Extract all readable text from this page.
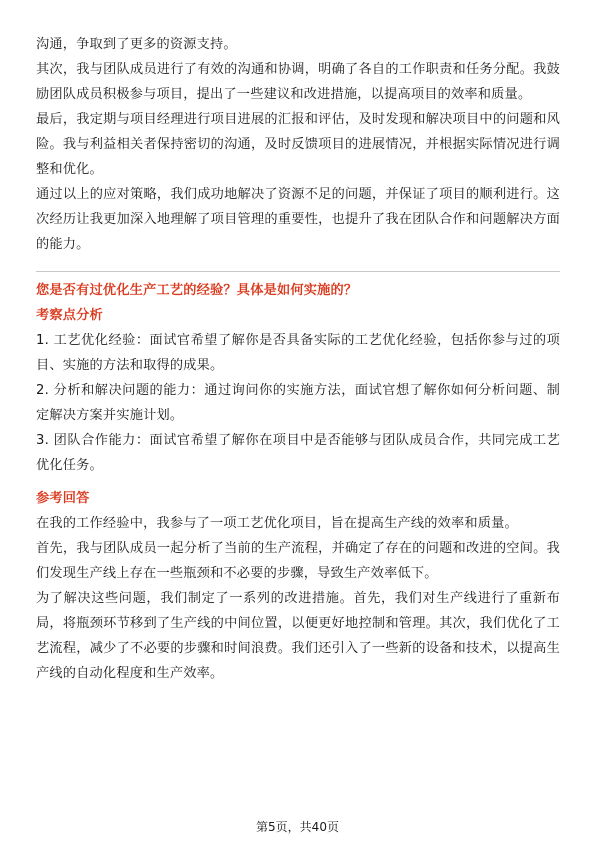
沟通，争取到了更多的资源支持。

其次，我与团队成员进行了有效的沟通和协调，明确了各自的工作职责和任务分配。我鼓励团队成员积极参与项目，提出了一些建议和改进措施，以提高项目的效率和质量。

最后，我定期与项目经理进行项目进展的汇报和评估，及时发现和解决项目中的问题和风险。我与利益相关者保持密切的沟通，及时反馈项目的进展情况，并根据实际情况进行调整和优化。

通过以上的应对策略，我们成功地解决了资源不足的问题，并保证了项目的顺利进行。这次经历让我更加深入地理解了项目管理的重要性，也提升了我在团队合作和问题解决方面的能力。

您是否有过优化生产工艺的经验？具体是如何实施的？

考察点分析

1. 工艺优化经验：面试官希望了解你是否具备实际的工艺优化经验，包括你参与过的项目、实施的方法和取得的成果。

2. 分析和解决问题的能力：通过询问你的实施方法，面试官想了解你如何分析问题、制定解决方案并实施计划。

3. 团队合作能力：面试官希望了解你在项目中是否能够与团队成员合作，共同完成工艺优化任务。

参考回答

在我的工作经验中，我参与了一项工艺优化项目，旨在提高生产线的效率和质量。

首先，我与团队成员一起分析了当前的生产流程，并确定了存在的问题和改进的空间。我们发现生产线上存在一些瓶颈和不必要的步骤，导致生产效率低下。

为了解决这些问题，我们制定了一系列的改进措施。首先，我们对生产线进行了重新布局，将瓶颈环节移到了生产线的中间位置，以便更好地控制和管理。其次，我们优化了工艺流程，减少了不必要的步骤和时间浪费。我们还引入了一些新的设备和技术，以提高生产线的自动化程度和生产效率。

第5页，共40页
